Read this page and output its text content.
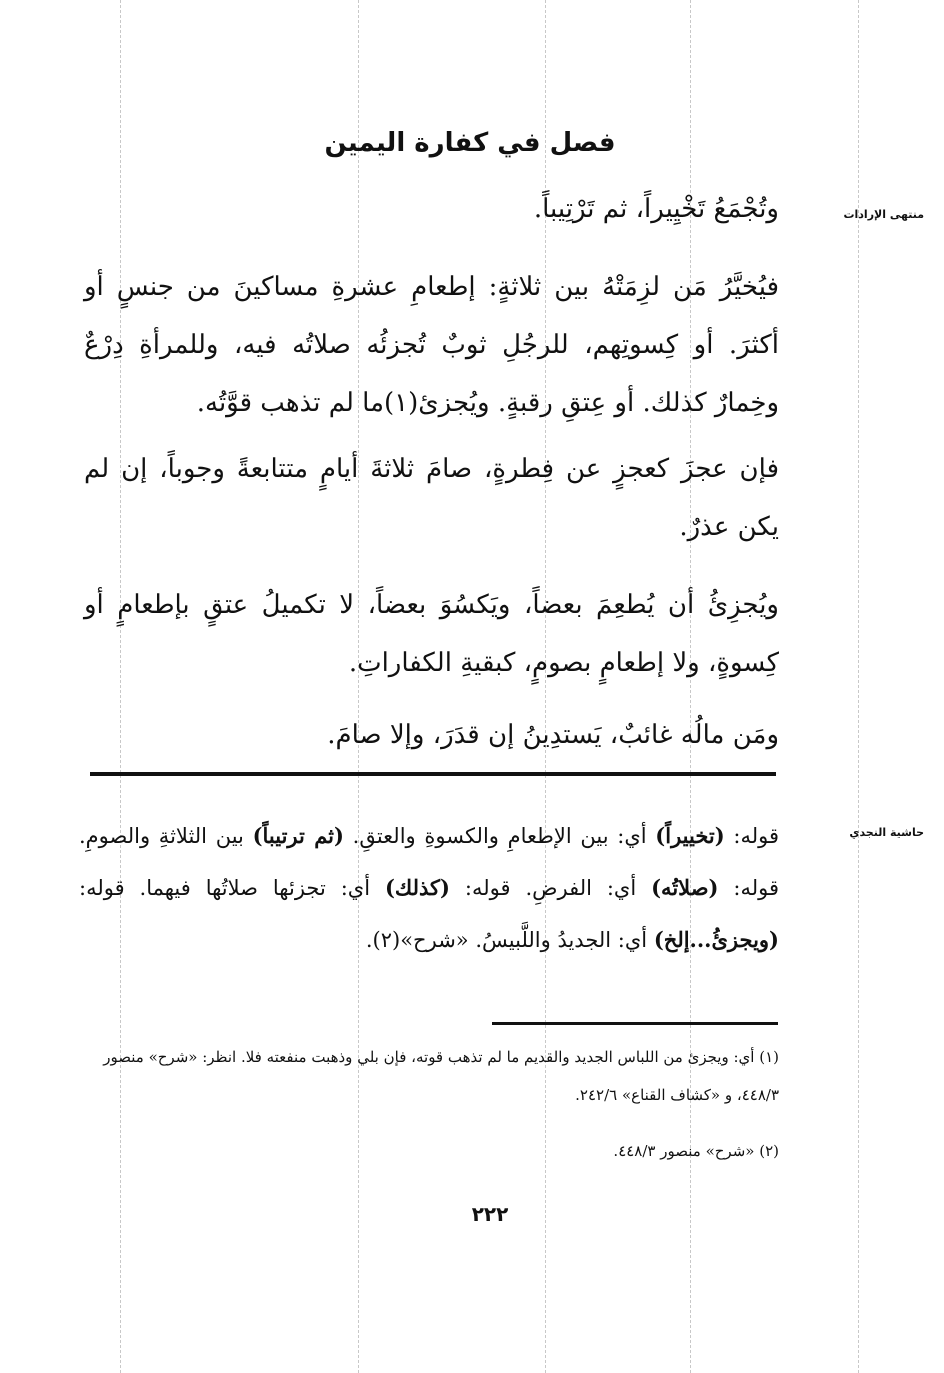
فصل في كفارة اليمين
منتهى الإرادات
حاشية النجدي
وتُجْمَعُ تَخْيِيراً، ثم تَرْتِيباً.
فيُخيَّرُ مَن لزِمَتْهُ بين ثلاثةٍ: إطعامِ عشرةِ مساكينَ من جنسٍ أو أكثرَ. أو كِسوتِهم، للرجُلِ ثوبٌ تُجزئُه صلاتُه فيه، وللمرأةِ دِرْعٌ وخِمارٌ كذلك. أو عِتقِ رقبةٍ. ويُجزئ(١)ما لم تذهب قوَّتُه.
فإن عجزَ كعجزٍ عن فِطرةٍ، صامَ ثلاثةَ أيامٍ متتابعةً وجوباً، إن لم يكن عذرٌ.
ويُجزِئُ أن يُطعِمَ بعضاً، ويَكسُوَ بعضاً، لا تكميلُ عتقٍ بإطعامٍ أو كِسوةٍ، ولا إطعامٍ بصومٍ، كبقيةِ الكفاراتِ.
ومَن مالُه غائبٌ، يَستدِينُ إن قدَرَ، وإلا صامَ.
قوله: (تخييراً) أي: بين الإطعامِ والكسوةِ والعتقِ. (ثم ترتيباً) بين الثلاثةِ والصومِ. قوله: (صلاتُه) أي: الفرضِ. قوله: (كذلك) أي: تجزئها صلاتُها فيهما. قوله: (ويجزئُ...إلخ) أي: الجديدُ واللَّبيسُ. «شرح»(٢).
(١) أي: ويجزئ من اللباس الجديد والقديم ما لم تذهب قوته، فإن بلي وذهبت منفعته فلا. انظر: «شرح» منصور ٤٤٨/٣، و «كشاف القناع» ٢٤٢/٦.
(٢) «شرح» منصور ٤٤٨/٣.
٢٢٢
